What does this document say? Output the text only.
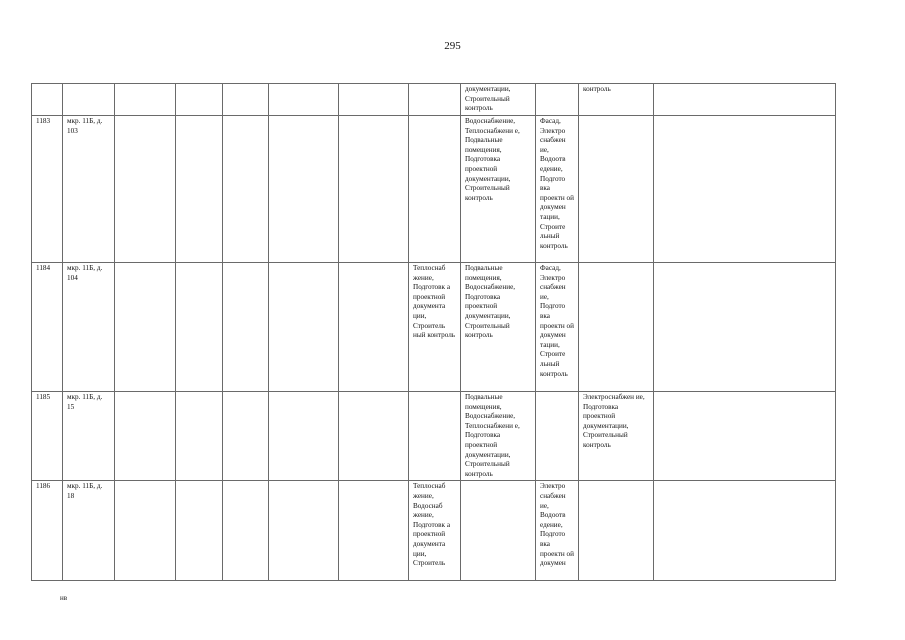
295
								документации, Строительный контроль		контроль	
1183	мкр. 11Б, д. 103							Водоснабжение, Теплоснабжени е, Подвальные помещения, Подготовка проектной документации, Строительный контроль	Фасад, Электро снабжен ие, Водоотв едение, Подгото вка проектн ой докумен тации, Строите льный контроль		
1184	мкр. 11Б, д. 104						Теплоснаб жение, Подготовк а проектной документа ции, Строитель ный контроль	Подвальные помещения, Водоснабжение, Подготовка проектной документации, Строительный контроль	Фасад, Электро снабжен ие, Подгото вка проектн ой докумен тации, Строите льный контроль		
1185	мкр. 11Б, д. 15							Подвальные помещения, Водоснабжение, Теплоснабжени е, Подготовка проектной документации, Строительный контроль		Электроснабжен ие, Подготовка проектной документации, Строительный контроль	
1186	мкр. 11Б, д. 18						Теплоснаб жение, Водоснаб жение, Подготовк а проектной документа ции, Строитель		Электро снабжен ие, Водоотв едение, Подгото вка проектн ой докумен		
нв
